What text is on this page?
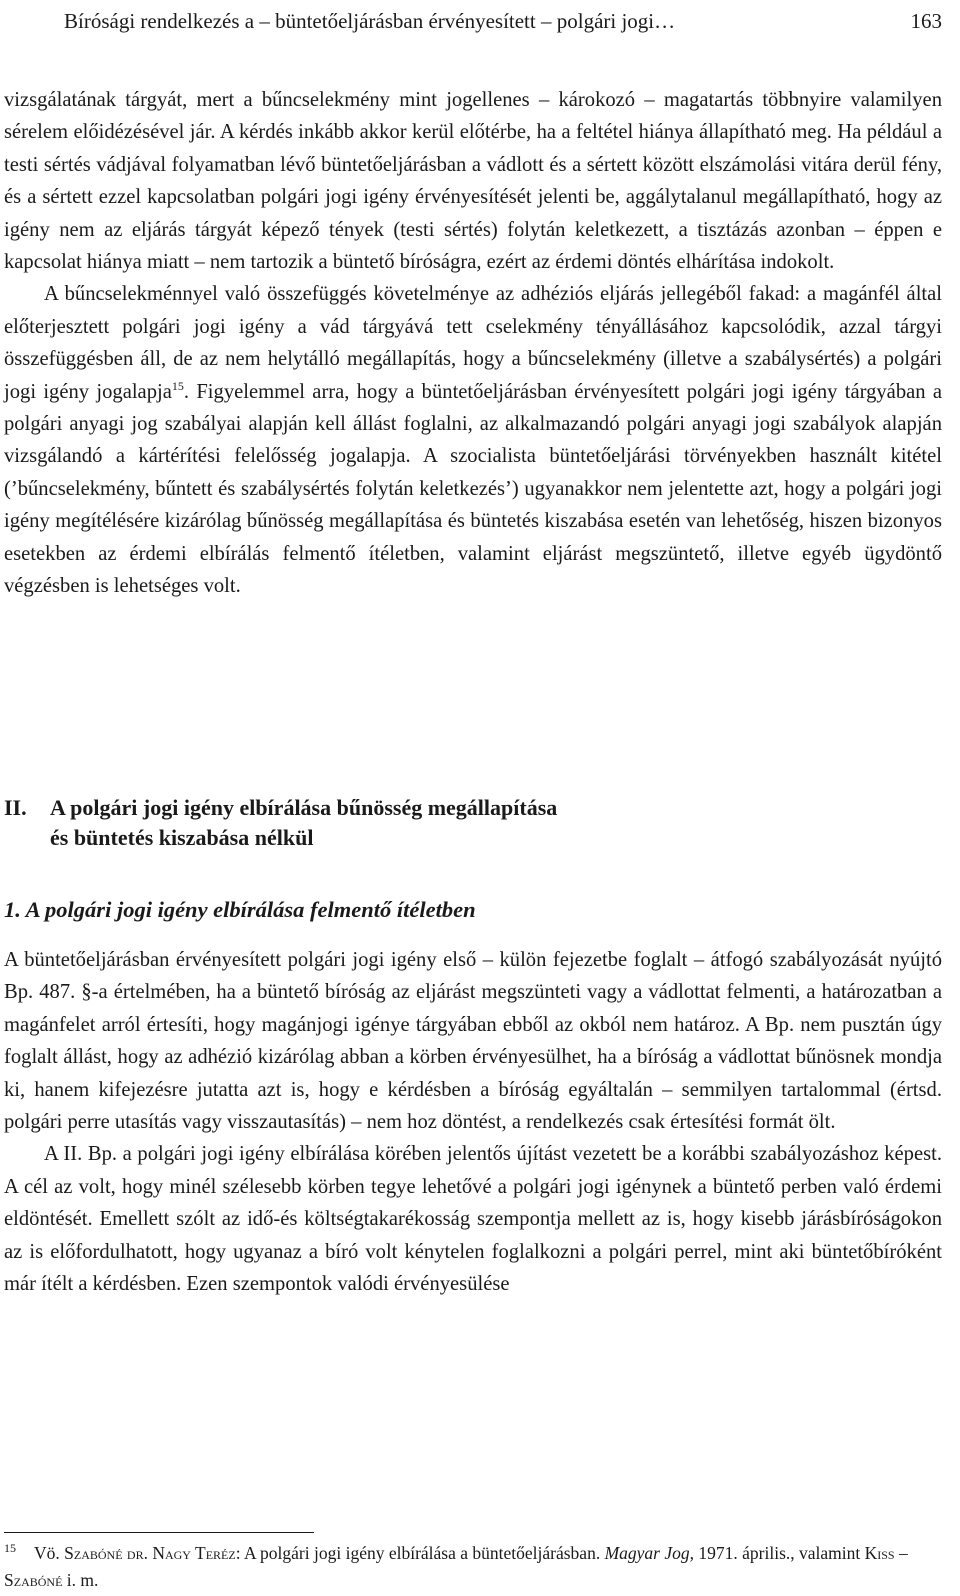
Bírósági rendelkezés a – büntetőeljárásban érvényesített – polgári jogi…	163

vizsgálatának tárgyát, mert a bűncselekmény mint jogellenes – károkozó – magatartás többnyire valamilyen sérelem előidézésével jár. A kérdés inkább akkor kerül előtérbe, ha a feltétel hiánya állapítható meg. Ha például a testi sértés vádjával folyamatban lévő büntetőeljárásban a vádlott és a sértett között elszámolási vitára derül fény, és a sértett ezzel kapcsolatban polgári jogi igény érvényesítését jelenti be, aggálytalanul megállapítható, hogy az igény nem az eljárás tárgyát képező tények (testi sértés) folytán keletkezett, a tisztázás azonban – éppen e kapcsolat hiánya miatt – nem tartozik a büntető bíróságra, ezért az érdemi döntés elhárítása indokolt.

A bűncselekménnyel való összefüggés követelménye az adhéziós eljárás jellegéből fakad: a magánfél által előterjesztett polgári jogi igény a vád tárgyává tett cselekmény tényállásához kapcsolódik, azzal tárgyi összefüggésben áll, de az nem helytálló megállapítás, hogy a bűncselekmény (illetve a szabálysértés) a polgári jogi igény jogalapja$^{15}$. Figyelemmel arra, hogy a büntetőeljárásban érvényesített polgári jogi igény tárgyában a polgári anyagi jog szabályai alapján kell állást foglalni, az alkalmazandó polgári anyagi jogi szabályok alapján vizsgálandó a kártérítési felelősség jogalapja. A szocialista büntetőeljárási törvényekben használt kitétel (’bűncselekmény, bűntett és szabálysértés folytán keletkezés’) ugyanakkor nem jelentette azt, hogy a polgári jogi igény megítélésére kizárólag bűnösség megállapítása és büntetés kiszabása esetén van lehetőség, hiszen bizonyos esetekben az érdemi elbírálás felmentő ítéletben, valamint eljárást megszüntető, illetve egyéb ügydöntő végzésben is lehetséges volt.

II. A polgári jogi igény elbírálása bűnösség megállapítása
és büntetés kiszabása nélkül
1. A polgári jogi igény elbírálása felmentő ítéletben

A büntetőeljárásban érvényesített polgári jogi igény első – külön fejezetbe foglalt – átfogó szabályozását nyújtó Bp. 487. §-a értelmében, ha a büntető bíróság az eljárást megszünteti vagy a vádlottat felmenti, a határozatban a magánfelet arról értesíti, hogy magánjogi igénye tárgyában ebből az okból nem határoz. A Bp. nem pusztán úgy foglalt állást, hogy az adhézió kizárólag abban a körben érvényesülhet, ha a bíróság a vádlottat bűnösnek mondja ki, hanem kifejezésre jutatta azt is, hogy e kérdésben a bíróság egyáltalán – semmilyen tartalommal (értsd. polgári perre utasítás vagy visszautasítás) – nem hoz döntést, a rendelkezés csak értesítési formát ölt.

A II. Bp. a polgári jogi igény elbírálása körében jelentős újítást vezetett be a korábbi szabályozáshoz képest. A cél az volt, hogy minél szélesebb körben tegye lehetővé a polgári jogi igénynek a büntető perben való érdemi eldöntését. Emellett szólt az idő-és költségtakarékosság szempontja mellett az is, hogy kisebb járásbíróságokon az is előfordulhatott, hogy ugyanaz a bíró volt kénytelen foglalkozni a polgári perrel, mint aki büntetőbíróként már ítélt a kérdésben. Ezen szempontok valódi érvényesülése

$^{15}$ Vö. Szabóné dr. Nagy Teréz: A polgári jogi igény elbírálása a büntetőeljárásban. Magyar Jog, 1971. április., valamint Kiss – Szabóné i. m.
